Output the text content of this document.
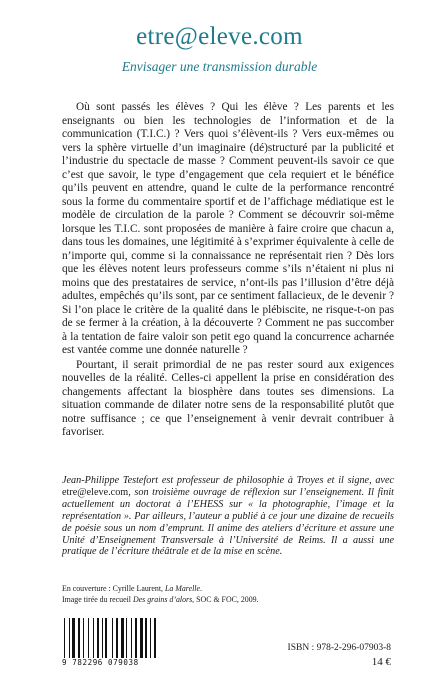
etre@eleve.com
Envisager une transmission durable

Où sont passés les élèves ? Qui les élève ? Les parents et les enseignants ou bien les technologies de l’information et de la communication (T.I.C.) ? Vers quoi s’élèvent-ils ? Vers eux-mêmes ou vers la sphère virtuelle d’un imaginaire (dé)structuré par la publicité et l’industrie du spectacle de masse ? Comment peuvent-ils savoir ce que c’est que savoir, le type d’engagement que cela requiert et le bénéfice qu’ils peuvent en attendre, quand le culte de la performance rencontré sous la forme du commentaire sportif et de l’affichage médiatique est le modèle de circulation de la parole ? Comment se découvrir soi-même lorsque les T.I.C. sont proposées de manière à faire croire que chacun a, dans tous les domaines, une légitimité à s’exprimer équivalente à celle de n’importe qui, comme si la connaissance ne représentait rien ? Dès lors que les élèves notent leurs professeurs comme s’ils n’étaient ni plus ni moins que des prestataires de service, n’ont-ils pas l’illusion d’être déjà adultes, empêchés qu’ils sont, par ce sentiment fallacieux, de le devenir ? Si l’on place le critère de la qualité dans le plébiscite, ne risque-t-on pas de se fermer à la création, à la découverte ? Comment ne pas succomber à la tentation de faire valoir son petit ego quand la concurrence acharnée est vantée comme une donnée naturelle ?

Pourtant, il serait primordial de ne pas rester sourd aux exigences nouvelles de la réalité. Celles-ci appellent la prise en considération des changements affectant la biosphère dans toutes ses dimensions. La situation commande de dilater notre sens de la responsabilité plutôt que notre suffisance ; ce que l’enseignement à venir devrait contribuer à favoriser.

Jean-Philippe Testefort est professeur de philosophie à Troyes et il signe, avec etre@eleve.com, son troisième ouvrage de réflexion sur l’enseignement. Il finit actuellement un doctorat à l’EHESS sur « la photographie, l’image et la représentation ». Par ailleurs, l’auteur a publié à ce jour une dizaine de recueils de poésie sous un nom d’emprunt. Il anime des ateliers d’écriture et assure une Unité d’Enseignement Transversale à l’Université de Reims. Il a aussi une pratique de l’écriture théâtrale et de la mise en scène.
En couverture : Cyrille Laurent, La Marelle.
Image tirée du recueil Des grains d’alors, SOC & FOC, 2009.
9 782296 079038
ISBN : 978-2-296-07903-8
14 €
